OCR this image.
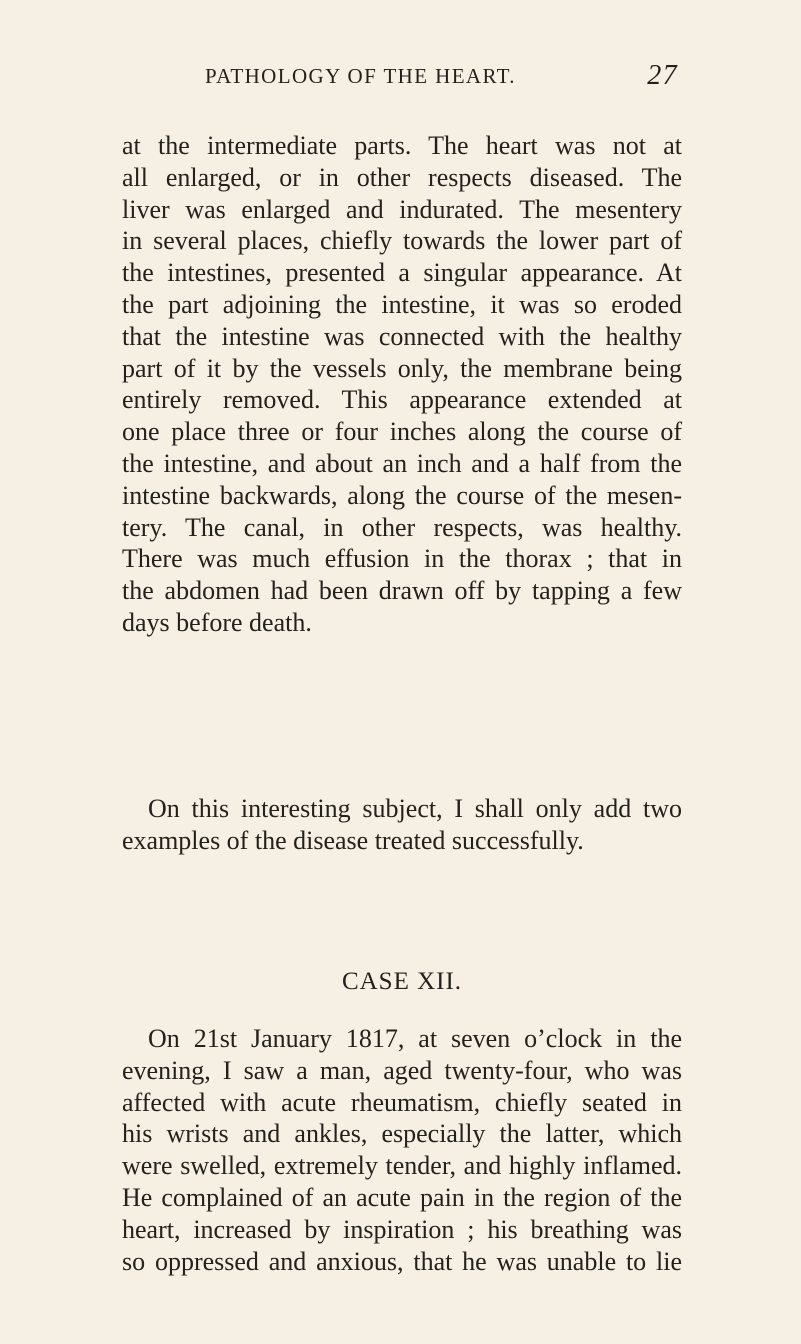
PATHOLOGY OF THE HEART.	27
at the intermediate parts. The heart was not at
all enlarged, or in other respects diseased. The
liver was enlarged and indurated. The mesentery
in several places, chiefly towards the lower part of
the intestines, presented a singular appearance. At
the part adjoining the intestine, it was so eroded
that the intestine was connected with the healthy
part of it by the vessels only, the membrane being
entirely removed. This appearance extended at
one place three or four inches along the course of
the intestine, and about an inch and a half from the
intestine backwards, along the course of the mesen-
tery. The canal, in other respects, was healthy.
There was much effusion in the thorax ; that in
the abdomen had been drawn off by tapping a few
days before death.
On this interesting subject, I shall only add two
examples of the disease treated successfully.
CASE XII.
On 21st January 1817, at seven o’clock in the
evening, I saw a man, aged twenty-four, who was
affected with acute rheumatism, chiefly seated in
his wrists and ankles, especially the latter, which
were swelled, extremely tender, and highly inflamed.
He complained of an acute pain in the region of the
heart, increased by inspiration ; his breathing was
so oppressed and anxious, that he was unable to lie
